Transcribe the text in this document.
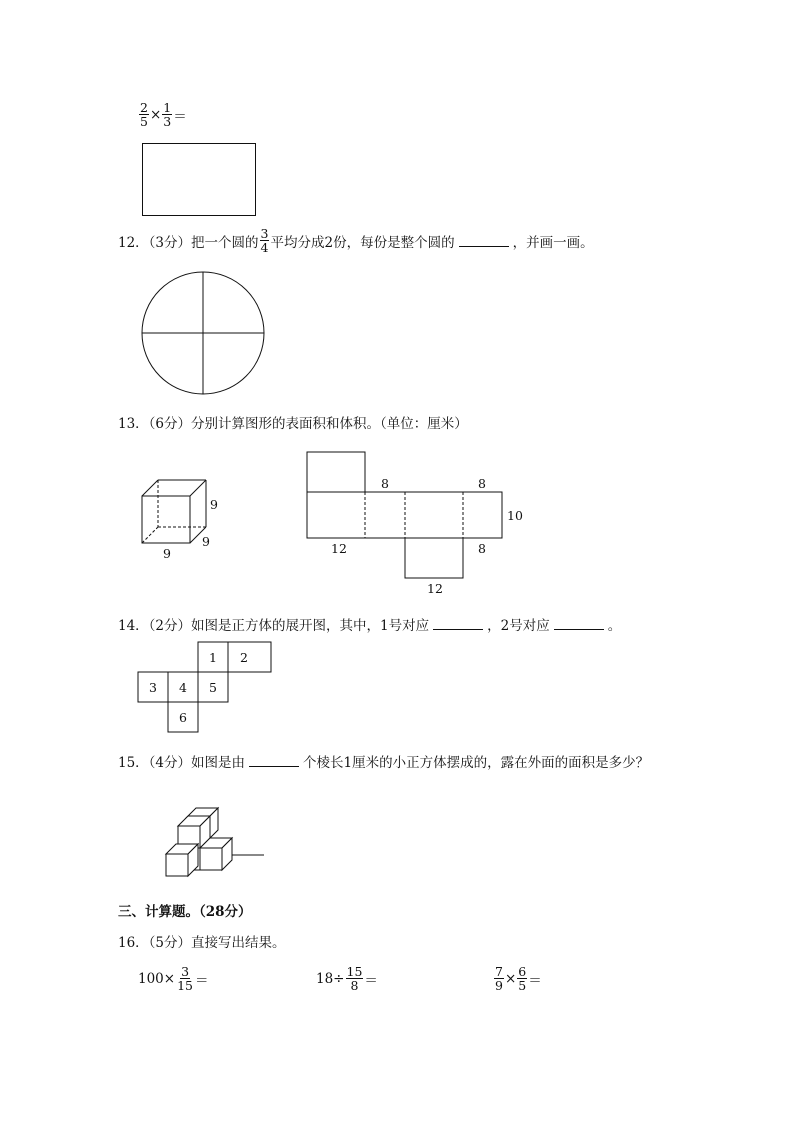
$\frac{2}{5} \times \frac{1}{3}$ ＝
12．（3分）把一个圆的 $\frac{3}{4}$ 平均分成2份，每份是整个圆的	，并画一画。
13．（6分）分别计算图形的表面积和体积。（单位：厘米）
9
9
9
8	8
10
12	8
12
14．（2分）如图是正方体的展开图，其中，1号对应	，2号对应	。
1 2
3 4 5
6
15．（4分）如图是由	个棱长1厘米的小正方体摆成的，露在外面的面积是多少？
三、计算题。（28分）
16．（5分）直接写出结果。
$100\times \frac{3}{15}$ ＝	$18\div \frac{15}{8}$ ＝	$\frac{7}{9} \times \frac{6}{5}$ ＝
